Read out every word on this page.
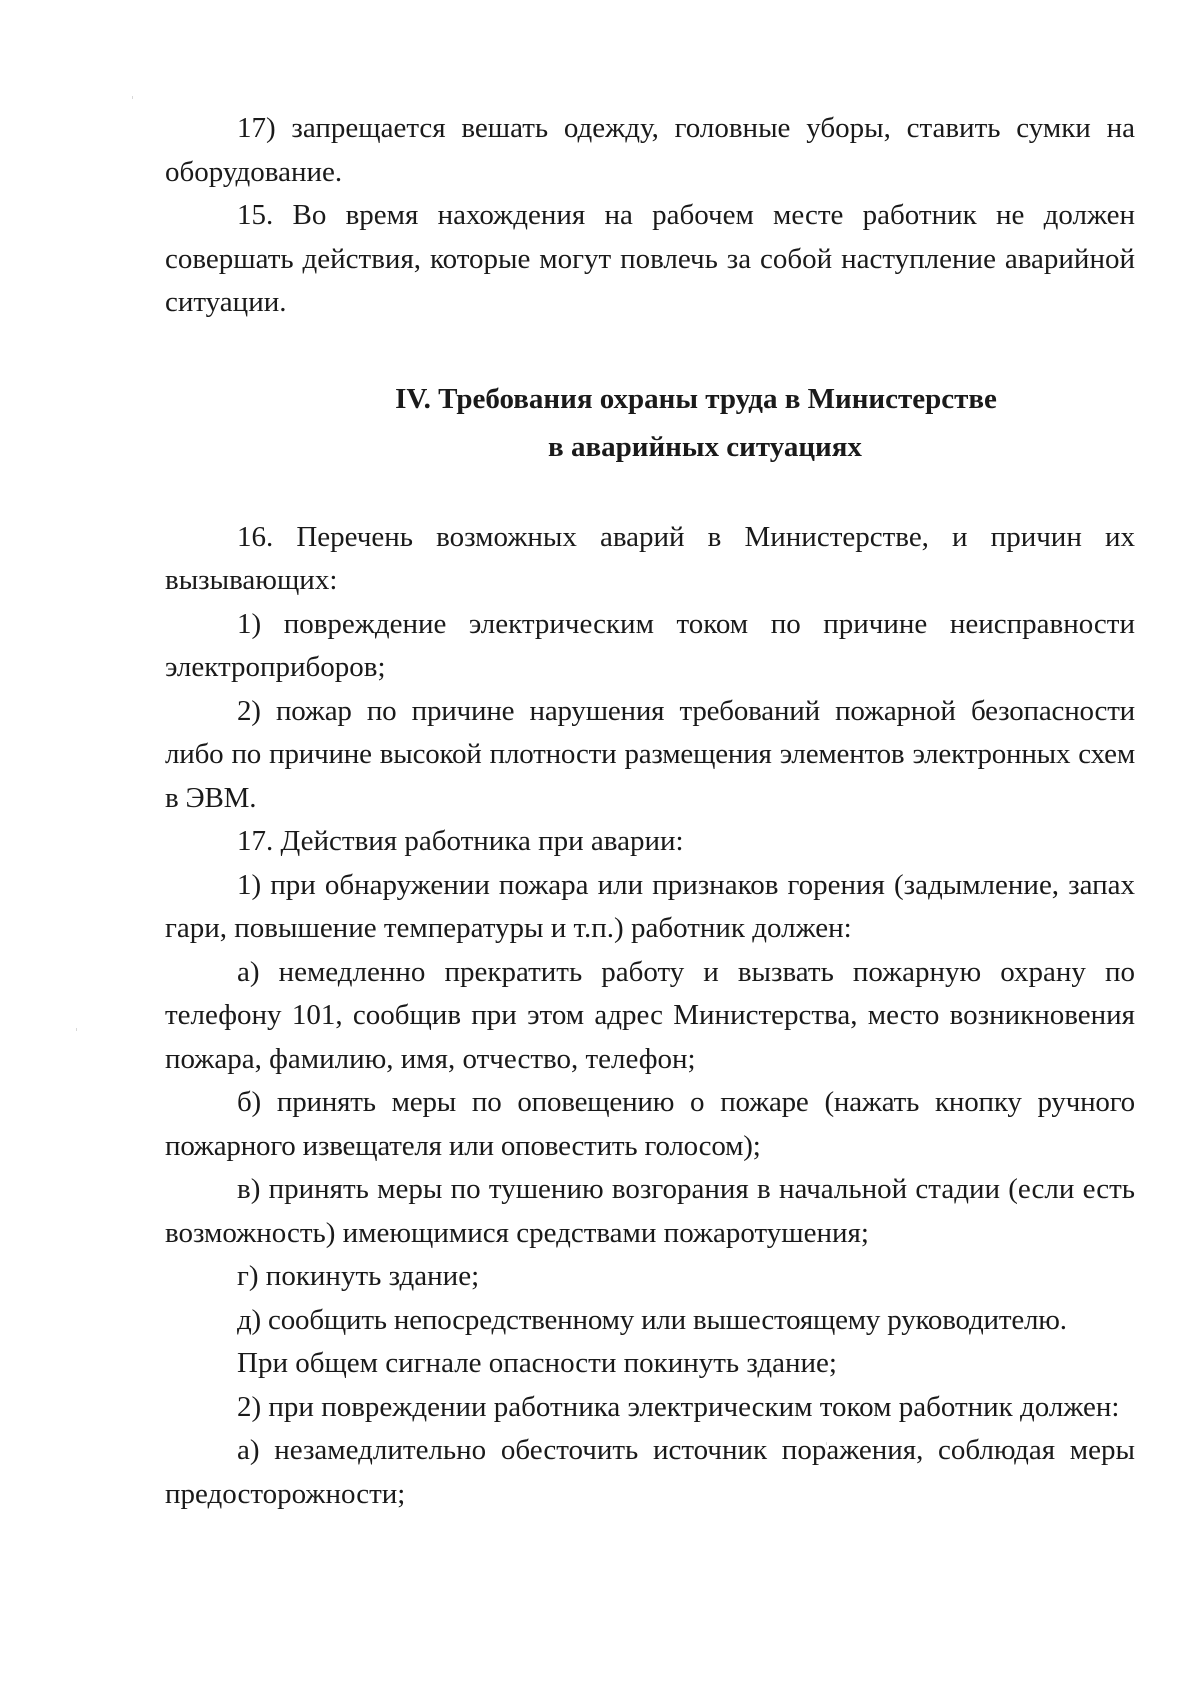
17) запрещается вешать одежду, головные уборы, ставить сумки на оборудование.

15. Во время нахождения на рабочем месте работник не должен совершать действия, которые могут повлечь за собой наступление аварийной ситуации.

IV. Требования охраны труда в Министерстве
в аварийных ситуациях

16. Перечень возможных аварий в Министерстве, и причин их вызывающих:

1) повреждение электрическим током по причине неисправности электроприборов;

2) пожар по причине нарушения требований пожарной безопасности либо по причине высокой плотности размещения элементов электронных схем в ЭВМ.

17. Действия работника при аварии:

1) при обнаружении пожара или признаков горения (задымление, запах гари, повышение температуры и т.п.) работник должен:

а) немедленно прекратить работу и вызвать пожарную охрану по телефону 101, сообщив при этом адрес Министерства, место возникновения пожара, фамилию, имя, отчество, телефон;

б) принять меры по оповещению о пожаре (нажать кнопку ручного пожарного извещателя или оповестить голосом);

в) принять меры по тушению возгорания в начальной стадии (если есть возможность) имеющимися средствами пожаротушения;

г) покинуть здание;

д) сообщить непосредственному или вышестоящему руководителю.

При общем сигнале опасности покинуть здание;

2) при повреждении работника электрическим током работник должен:

а) незамедлительно обесточить источник поражения, соблюдая меры предосторожности;
